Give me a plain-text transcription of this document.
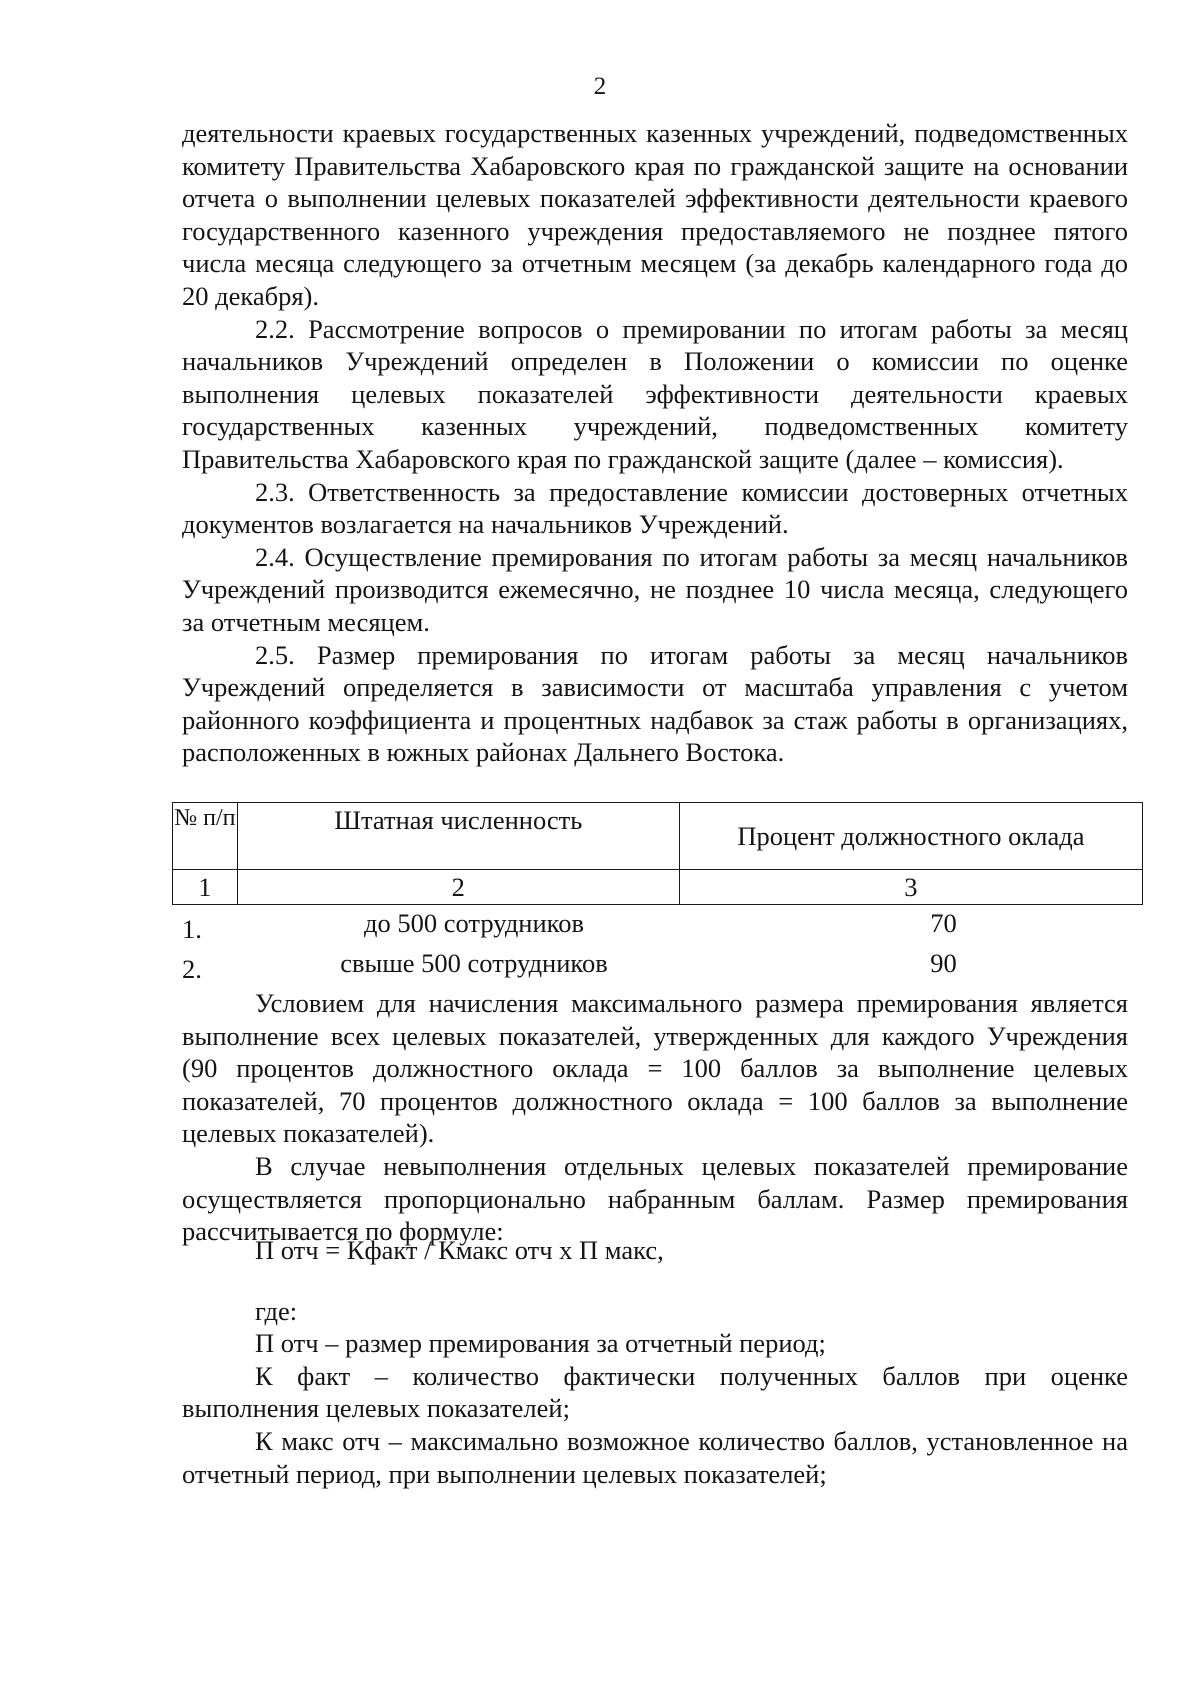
2

деятельности краевых государственных казенных учреждений, подведомственных комитету Правительства Хабаровского края по гражданской защите на основании отчета о выполнении целевых показателей эффективности деятельности краевого государственного казенного учреждения предоставляемого не позднее пятого числа месяца следующего за отчетным месяцем (за декабрь календарного года до 20 декабря).

2.2. Рассмотрение вопросов о премировании по итогам работы за месяц начальников Учреждений определен в Положении о комиссии по оценке выполнения целевых показателей эффективности деятельности краевых государственных казенных учреждений, подведомственных комитету Правительства Хабаровского края по гражданской защите (далее – комиссия).

2.3. Ответственность за предоставление комиссии достоверных отчетных документов возлагается на начальников Учреждений.

2.4. Осуществление премирования по итогам работы за месяц начальников Учреждений производится ежемесячно, не позднее 10 числа месяца, следующего за отчетным месяцем.

2.5. Размер премирования по итогам работы за месяц начальников Учреждений определяется в зависимости от масштаба управления с учетом районного коэффициента и процентных надбавок за стаж работы в организациях, расположенных в южных районах Дальнего Востока.

№ п/п	Штатная численность	Процент должностного оклада
1	2	3
1.	до 500 сотрудников	70
2.	свыше 500 сотрудников	90

Условием для начисления максимального размера премирования является выполнение всех целевых показателей, утвержденных для каждого Учреждения (90 процентов должностного оклада = 100 баллов за выполнение целевых показателей, 70 процентов должностного оклада = 100 баллов за выполнение целевых показателей).

В случае невыполнения отдельных целевых показателей премирование осуществляется пропорционально набранным баллам. Размер премирования рассчитывается по формуле:

П отч = Кфакт / Кмакс отч х П макс,

где:

П отч – размер премирования за отчетный период;

К факт – количество фактически полученных баллов при оценке выполнения целевых показателей;

К макс отч – максимально возможное количество баллов, установленное на отчетный период, при выполнении целевых показателей;
